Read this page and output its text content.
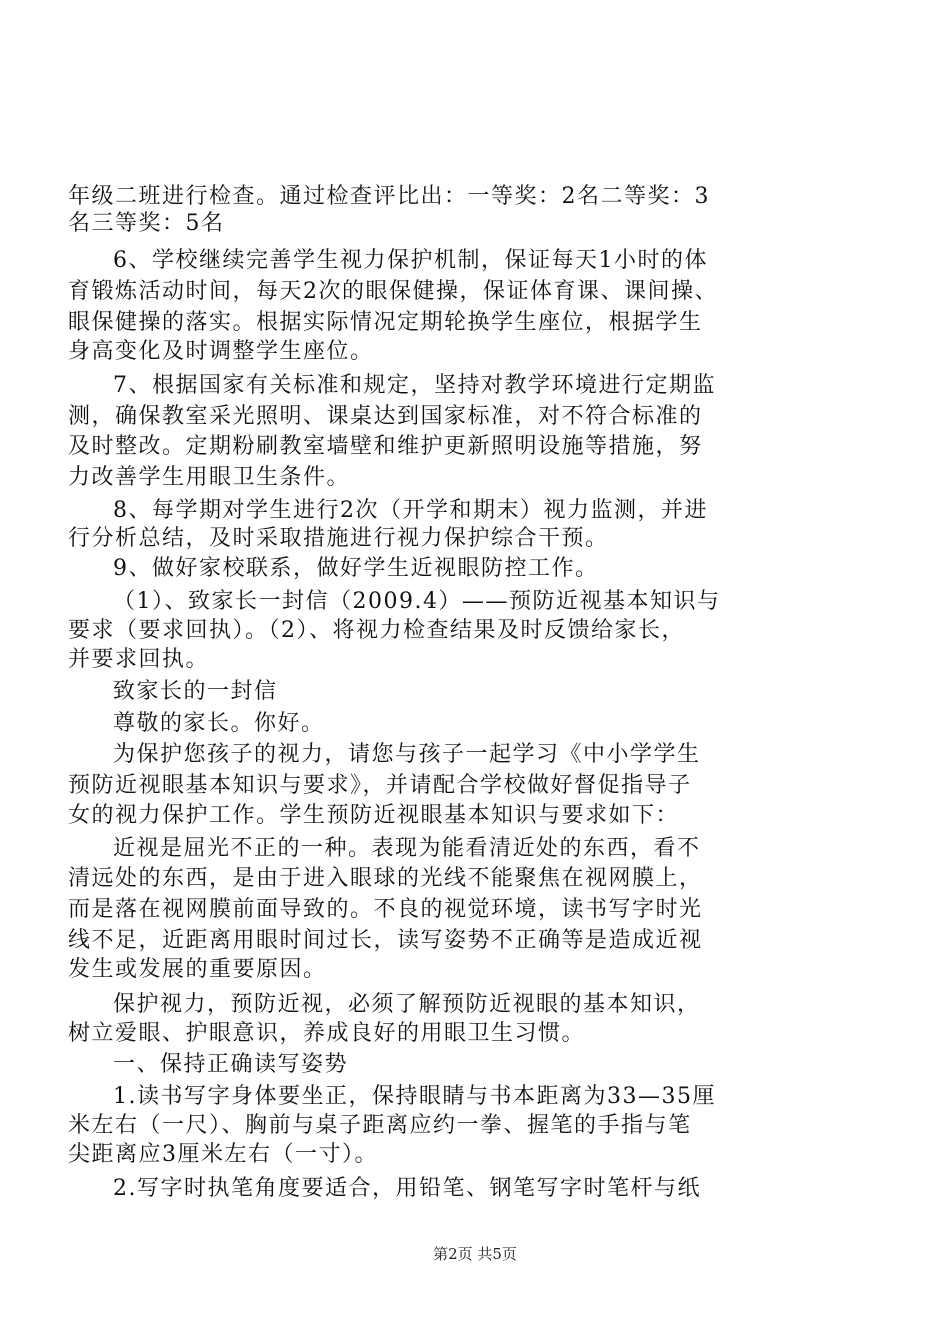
年级二班进行检查。通过检查评比出：一等奖：2名二等奖：3
名三等奖：5名
6、学校继续完善学生视力保护机制，保证每天1小时的体
育锻炼活动时间，每天2次的眼保健操，保证体育课、课间操、
眼保健操的落实。根据实际情况定期轮换学生座位，根据学生
身高变化及时调整学生座位。
7、根据国家有关标准和规定，坚持对教学环境进行定期监
测，确保教室采光照明、课桌达到国家标准，对不符合标准的
及时整改。定期粉刷教室墙壁和维护更新照明设施等措施，努
力改善学生用眼卫生条件。
8、每学期对学生进行2次（开学和期末）视力监测，并进
行分析总结，及时采取措施进行视力保护综合干预。
9、做好家校联系，做好学生近视眼防控工作。
（1）、致家长一封信（2009.4）——预防近视基本知识与
要求（要求回执）。（2）、将视力检查结果及时反馈给家长，
并要求回执。
致家长的一封信
尊敬的家长。你好。
为保护您孩子的视力，请您与孩子一起学习《中小学学生
预防近视眼基本知识与要求》，并请配合学校做好督促指导子
女的视力保护工作。学生预防近视眼基本知识与要求如下：
近视是屈光不正的一种。表现为能看清近处的东西，看不
清远处的东西，是由于进入眼球的光线不能聚焦在视网膜上，
而是落在视网膜前面导致的。不良的视觉环境，读书写字时光
线不足，近距离用眼时间过长，读写姿势不正确等是造成近视
发生或发展的重要原因。
保护视力，预防近视，必须了解预防近视眼的基本知识，
树立爱眼、护眼意识，养成良好的用眼卫生习惯。
一、保持正确读写姿势
1.读书写字身体要坐正，保持眼睛与书本距离为33—35厘
米左右（一尺）、胸前与桌子距离应约一拳、握笔的手指与笔
尖距离应3厘米左右（一寸）。
2.写字时执笔角度要适合，用铅笔、钢笔写字时笔杆与纸
第2页 共5页
